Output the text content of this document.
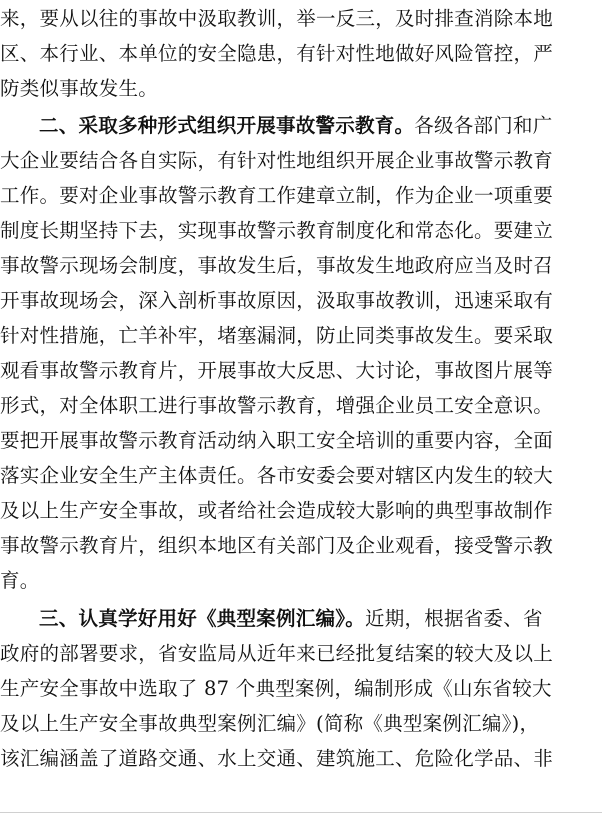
来，要从以往的事故中汲取教训，举一反三，及时排查消除本地
区、本行业、本单位的安全隐患，有针对性地做好风险管控，严
防类似事故发生。
二、采取多种形式组织开展事故警示教育。各级各部门和广
大企业要结合各自实际，有针对性地组织开展企业事故警示教育
工作。要对企业事故警示教育工作建章立制，作为企业一项重要
制度长期坚持下去，实现事故警示教育制度化和常态化。要建立
事故警示现场会制度，事故发生后，事故发生地政府应当及时召
开事故现场会，深入剖析事故原因，汲取事故教训，迅速采取有
针对性措施，亡羊补牢，堵塞漏洞，防止同类事故发生。要采取
观看事故警示教育片，开展事故大反思、大讨论，事故图片展等
形式，对全体职工进行事故警示教育，增强企业员工安全意识。
要把开展事故警示教育活动纳入职工安全培训的重要内容，全面
落实企业安全生产主体责任。各市安委会要对辖区内发生的较大
及以上生产安全事故，或者给社会造成较大影响的典型事故制作
事故警示教育片，组织本地区有关部门及企业观看，接受警示教
育。
三、认真学好用好《典型案例汇编》。近期，根据省委、省
政府的部署要求，省安监局从近年来已经批复结案的较大及以上
生产安全事故中选取了 87 个典型案例，编制形成《山东省较大
及以上生产安全事故典型案例汇编》(简称《典型案例汇编》)，
该汇编涵盖了道路交通、水上交通、建筑施工、危险化学品、非
